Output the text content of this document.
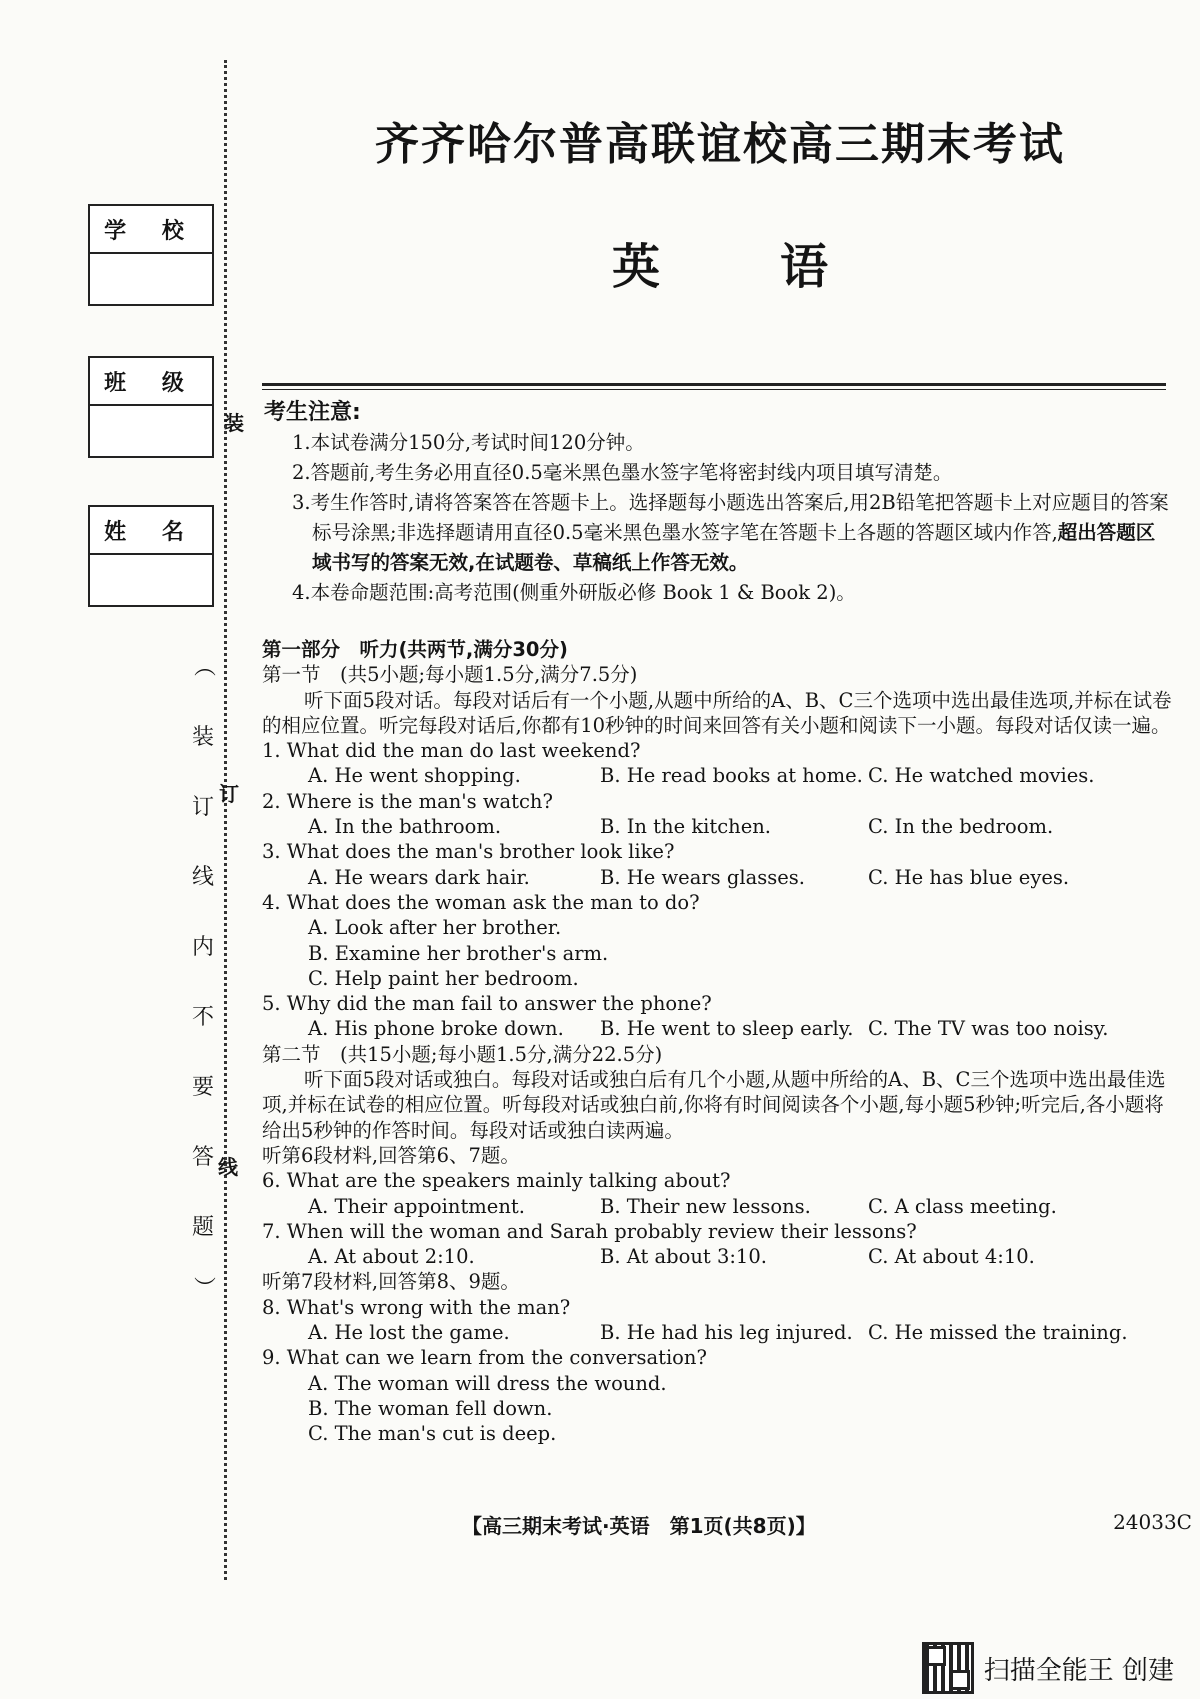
学 校
班 级
姓 名
︵
装
订
线
内
不
要
答
题
︶
装
订
线
齐齐哈尔普高联谊校高三期末考试
英语
考生注意:
1.本试卷满分150分,考试时间120分钟。
2.答题前,考生务必用直径0.5毫米黑色墨水签字笔将密封线内项目填写清楚。
3.考生作答时,请将答案答在答题卡上。选择题每小题选出答案后,用2B铅笔把答题卡上对应题目的答案标号涂黑;非选择题请用直径0.5毫米黑色墨水签字笔在答题卡上各题的答题区域内作答,超出答题区域书写的答案无效,在试题卷、草稿纸上作答无效。
4.本卷命题范围:高考范围(侧重外研版必修 Book 1 & Book 2)。
第一部分　听力(共两节,满分30分)
第一节　(共5小题;每小题1.5分,满分7.5分)
听下面5段对话。每段对话后有一个小题,从题中所给的A、B、C三个选项中选出最佳选项,并标在试卷的相应位置。听完每段对话后,你都有10秒钟的时间来回答有关小题和阅读下一小题。每段对话仅读一遍。
1. What did the man do last weekend?
A. He went shopping.	B. He read books at home. C. He watched movies.
2. Where is the man's watch?
A. In the bathroom.	B. In the kitchen.	C. In the bedroom.
3. What does the man's brother look like?
A. He wears dark hair.	B. He wears glasses.	C. He has blue eyes.
4. What does the woman ask the man to do?
A. Look after her brother.
B. Examine her brother's arm.
C. Help paint her bedroom.
5. Why did the man fail to answer the phone?
A. His phone broke down.	B. He went to sleep early. C. The TV was too noisy.
第二节　(共15小题;每小题1.5分,满分22.5分)
听下面5段对话或独白。每段对话或独白后有几个小题,从题中所给的A、B、C三个选项中选出最佳选项,并标在试卷的相应位置。听每段对话或独白前,你将有时间阅读各个小题,每小题5秒钟;听完后,各小题将给出5秒钟的作答时间。每段对话或独白读两遍。
听第6段材料,回答第6、7题。
6. What are the speakers mainly talking about?
A. Their appointment.	B. Their new lessons.	C. A class meeting.
7. When will the woman and Sarah probably review their lessons?
A. At about 2:10.	B. At about 3:10.	C. At about 4:10.
听第7段材料,回答第8、9题。
8. What's wrong with the man?
A. He lost the game.	B. He had his leg injured. C. He missed the training.
9. What can we learn from the conversation?
A. The woman will dress the wound.
B. The woman fell down.
C. The man's cut is deep.
【高三期末考试·英语　第1页(共8页)】	24033C
扫描全能王 创建
